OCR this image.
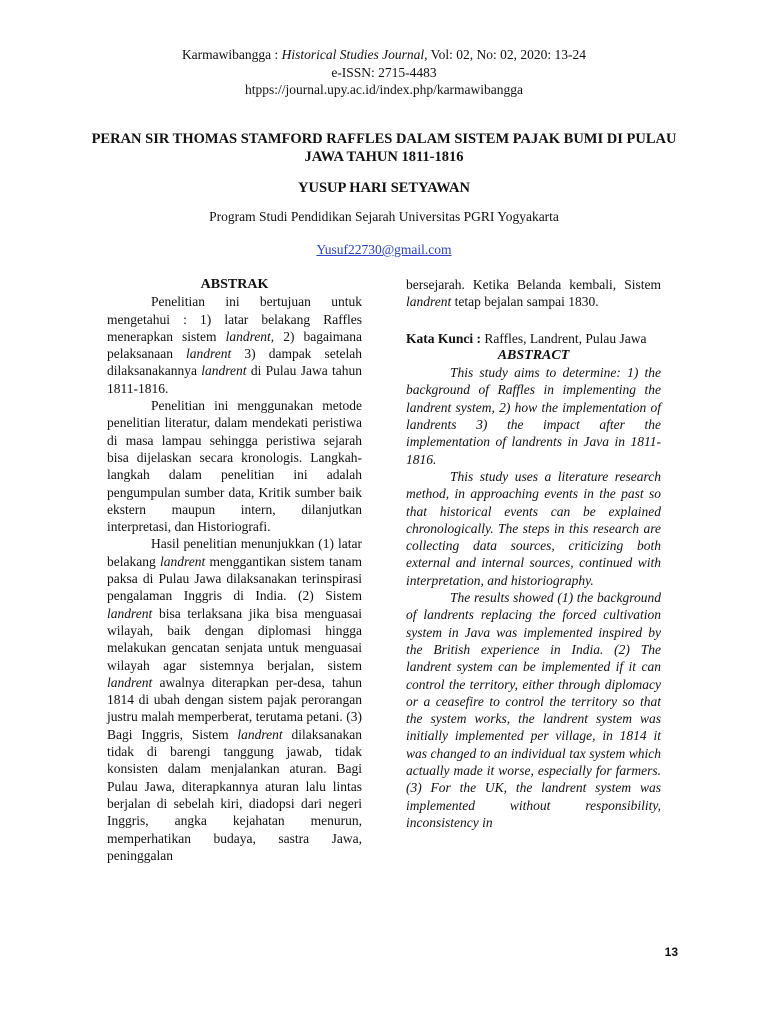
Karmawibangga : Historical Studies Journal, Vol: 02, No: 02, 2020: 13-24
e-ISSN: 2715-4483
htpps://journal.upy.ac.id/index.php/karmawibangga
PERAN SIR THOMAS STAMFORD RAFFLES DALAM SISTEM PAJAK BUMI DI PULAU JAWA TAHUN 1811-1816
YUSUP HARI SETYAWAN
Program Studi Pendidikan Sejarah Universitas PGRI Yogyakarta
Yusuf22730@gmail.com

ABSTRAK

Penelitian ini bertujuan untuk mengetahui : 1) latar belakang Raffles menerapkan sistem landrent, 2) bagaimana pelaksanaan landrent 3) dampak setelah dilaksanakannya landrent di Pulau Jawa tahun 1811-1816.

Penelitian ini menggunakan metode penelitian literatur, dalam mendekati peristiwa di masa lampau sehingga peristiwa sejarah bisa dijelaskan secara kronologis. Langkah-langkah dalam penelitian ini adalah pengumpulan sumber data, Kritik sumber baik ekstern maupun intern, dilanjutkan interpretasi, dan Historiografi.

Hasil penelitian menunjukkan (1) latar belakang landrent menggantikan sistem tanam paksa di Pulau Jawa dilaksanakan terinspirasi pengalaman Inggris di India. (2) Sistem landrent bisa terlaksana jika bisa menguasai wilayah, baik dengan diplomasi hingga melakukan gencatan senjata untuk menguasai wilayah agar sistemnya berjalan, sistem landrent awalnya diterapkan per-desa, tahun 1814 di ubah dengan sistem pajak perorangan justru malah memperberat, terutama petani. (3) Bagi Inggris, Sistem landrent dilaksanakan tidak di barengi tanggung jawab, tidak konsisten dalam menjalankan aturan. Bagi Pulau Jawa, diterapkannya aturan lalu lintas berjalan di sebelah kiri, diadopsi dari negeri Inggris, angka kejahatan menurun, memperhatikan budaya, sastra Jawa, peninggalan

bersejarah. Ketika Belanda kembali, Sistem landrent tetap bejalan sampai 1830.

Kata Kunci : Raffles, Landrent, Pulau Jawa

ABSTRACT

This study aims to determine: 1) the background of Raffles in implementing the landrent system, 2) how the implementation of landrents 3) the impact after the implementation of landrents in Java in 1811-1816.

This study uses a literature research method, in approaching events in the past so that historical events can be explained chronologically. The steps in this research are collecting data sources, criticizing both external and internal sources, continued with interpretation, and historiography.

The results showed (1) the background of landrents replacing the forced cultivation system in Java was implemented inspired by the British experience in India. (2) The landrent system can be implemented if it can control the territory, either through diplomacy or a ceasefire to control the territory so that the system works, the landrent system was initially implemented per village, in 1814 it was changed to an individual tax system which actually made it worse, especially for farmers. (3) For the UK, the landrent system was implemented without responsibility, inconsistency in

13
